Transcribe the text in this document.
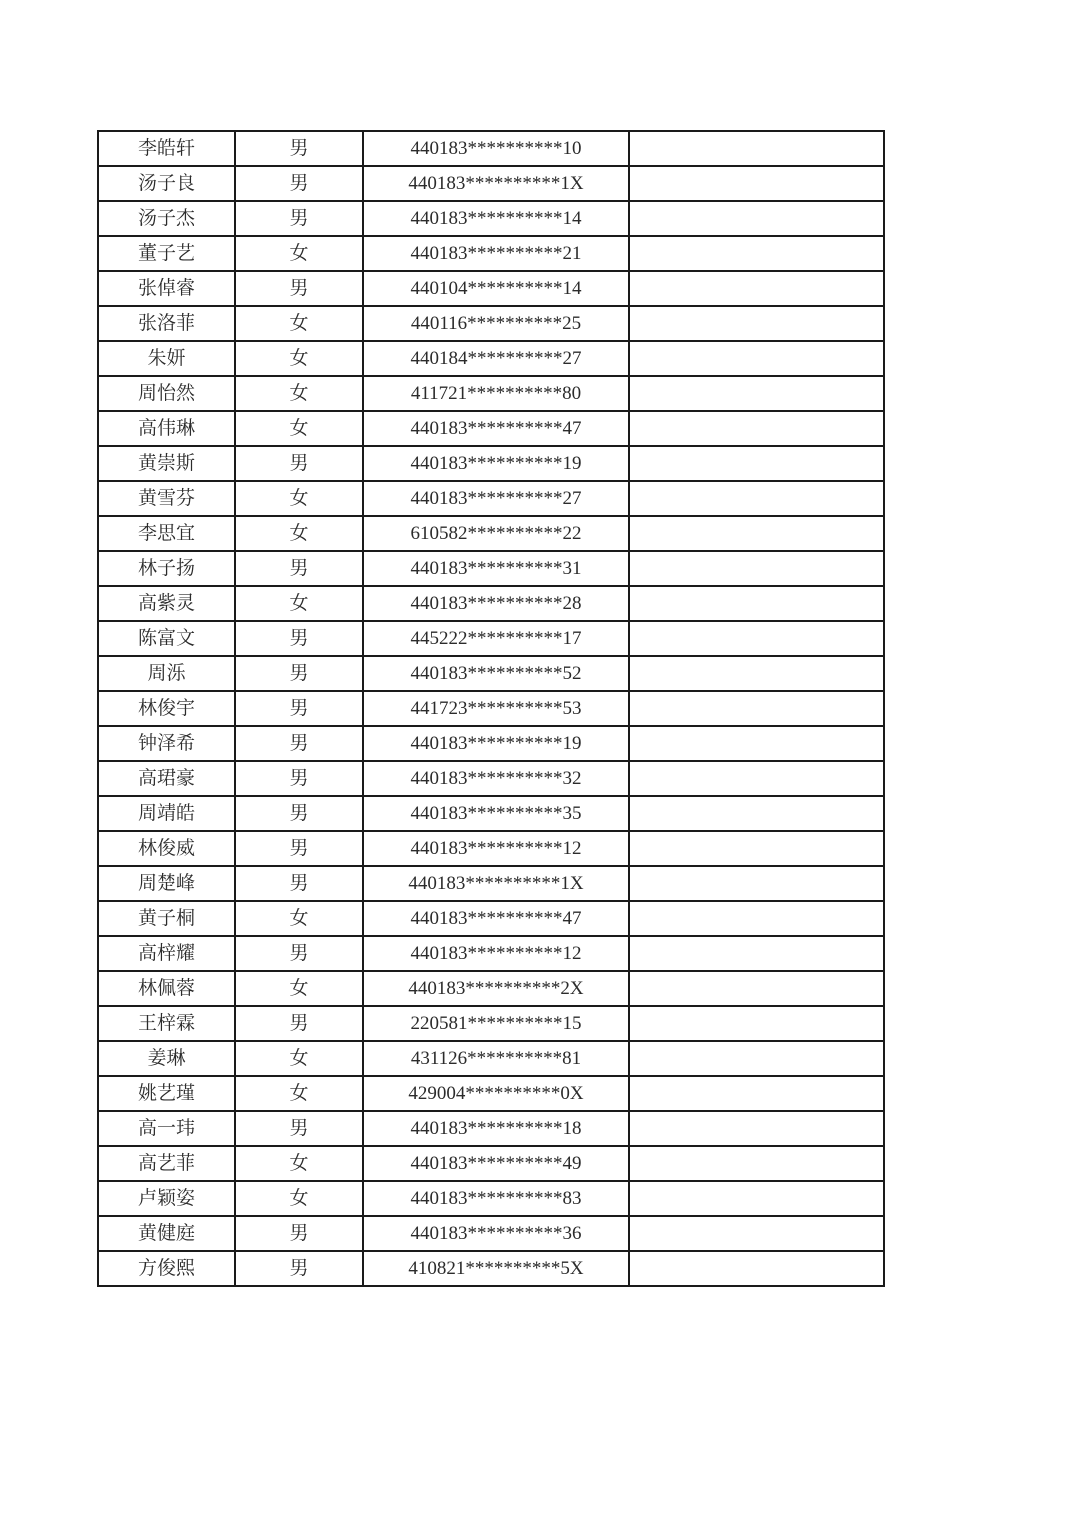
李皓轩	男	440183**********10	
汤子良	男	440183**********1X	
汤子杰	男	440183**********14	
董子艺	女	440183**********21	
张倬睿	男	440104**********14	
张洛菲	女	440116**********25	
朱妍	女	440184**********27	
周怡然	女	411721**********80	
高伟琳	女	440183**********47	
黄崇斯	男	440183**********19	
黄雪芬	女	440183**********27	
李思宜	女	610582**********22	
林子扬	男	440183**********31	
高紫灵	女	440183**********28	
陈富文	男	445222**********17	
周泺	男	440183**********52	
林俊宇	男	441723**********53	
钟泽希	男	440183**********19	
高珺豪	男	440183**********32	
周靖皓	男	440183**********35	
林俊威	男	440183**********12	
周楚峰	男	440183**********1X	
黄子桐	女	440183**********47	
高梓耀	男	440183**********12	
林佩蓉	女	440183**********2X	
王梓霖	男	220581**********15	
姜琳	女	431126**********81	
姚艺瑾	女	429004**********0X	
高一玮	男	440183**********18	
高艺菲	女	440183**********49	
卢颖姿	女	440183**********83	
黄健庭	男	440183**********36	
方俊熙	男	410821**********5X	
